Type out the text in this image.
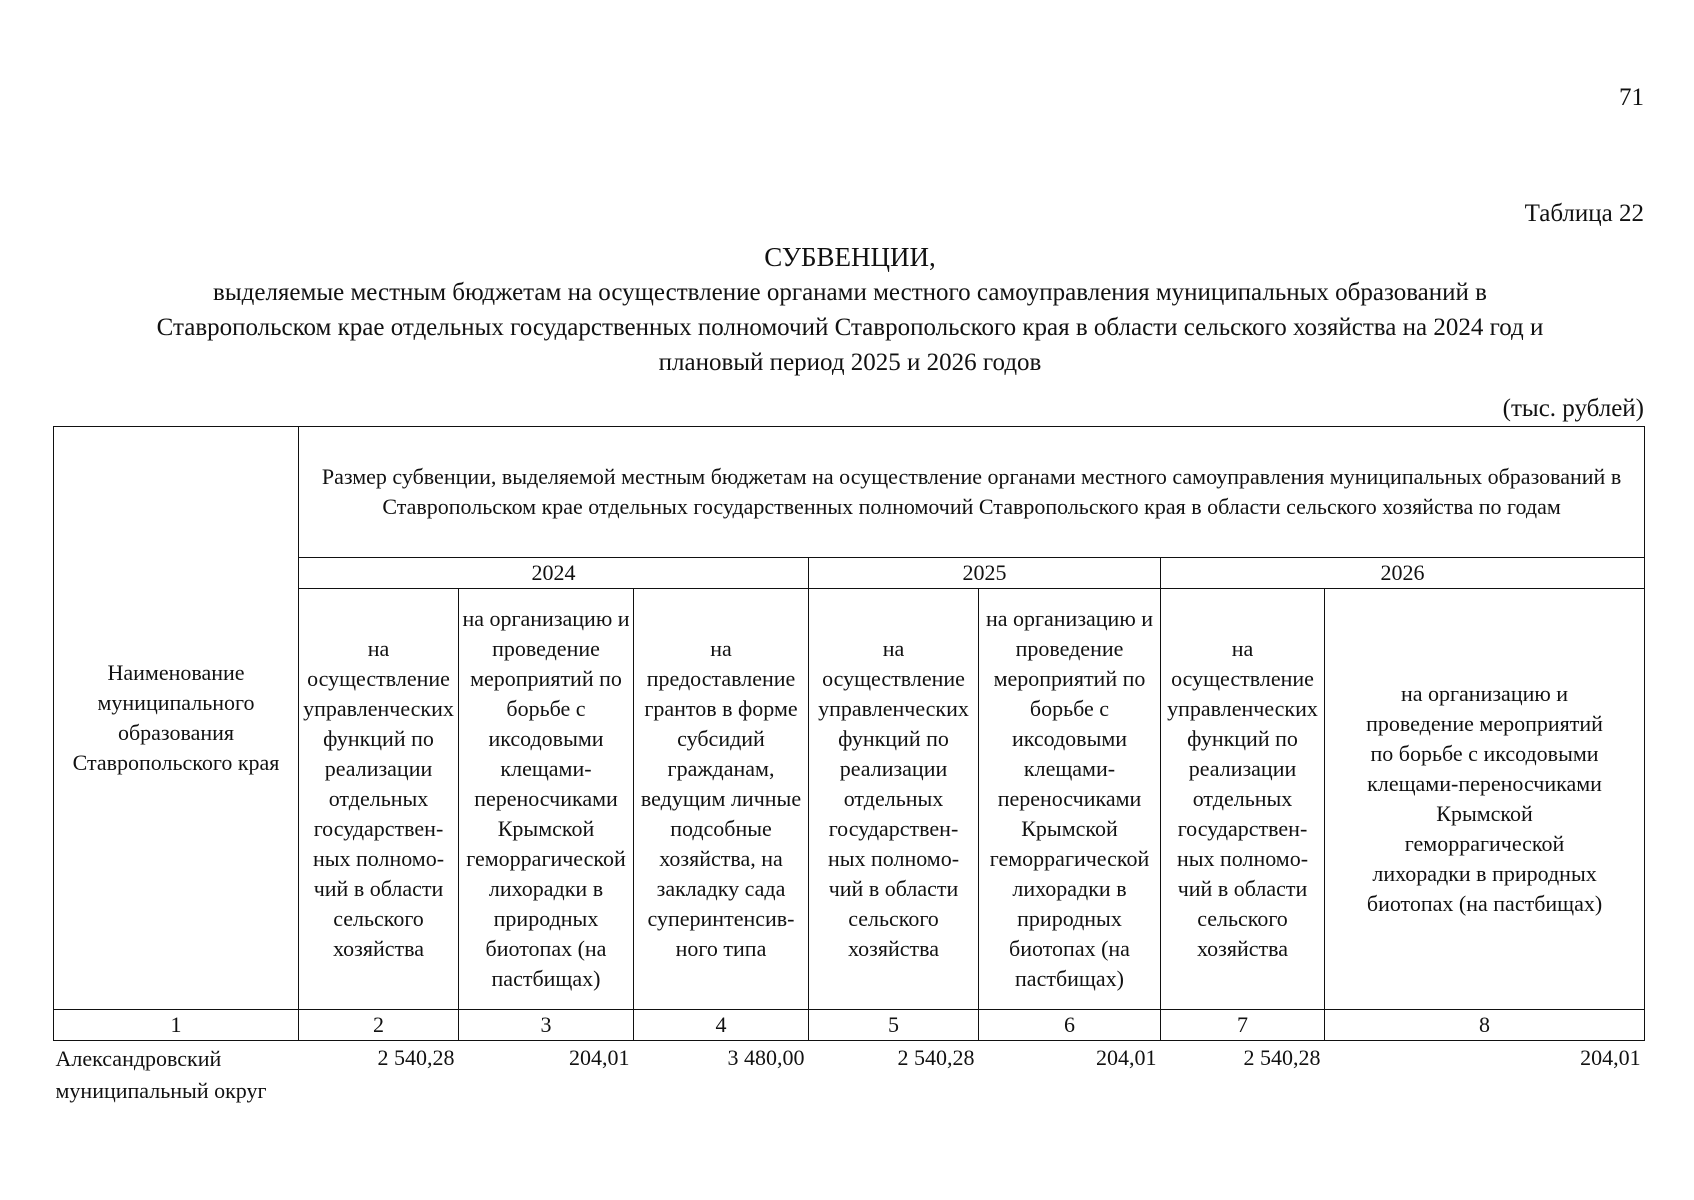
71
Таблица 22
СУБВЕНЦИИ,
выделяемые местным бюджетам на осуществление органами местного самоуправления муниципальных образований в
Ставропольском крае отдельных государственных полномочий Ставропольского края в области сельского хозяйства на 2024 год и
плановый период 2025 и 2026 годов
(тыс. рублей)
Наименование муниципального образования Ставропольского края	Размер субвенции, выделяемой местным бюджетам на осуществление органами местного самоуправления муниципальных образований в Ставропольском крае отдельных государственных полномочий Ставропольского края в области сельского хозяйства по годам						
	2024			2025		2026	
	на осуществление управленческих функций по реализации отдельных государствен-ных полномо-чий в области сельского хозяйства	на организацию и проведение мероприятий по борьбе с иксодовыми клещами-переносчиками Крымской геморрагической лихорадки в природных биотопах (на пастбищах)	на предоставление грантов в форме субсидий гражданам, ведущим личные подсобные хозяйства, на закладку сада суперинтенсив-ного типа	на осуществление управленческих функций по реализации отдельных государствен-ных полномо-чий в области сельского хозяйства	на организацию и проведение мероприятий по борьбе с иксодовыми клещами-переносчиками Крымской геморрагической лихорадки в природных биотопах (на пастбищах)	на осуществление управленческих функций по реализации отдельных государствен-ных полномо-чий в области сельского хозяйства	на организацию и проведение мероприятий по борьбе с иксодовыми клещами-переносчиками Крымской геморрагической лихорадки в природных биотопах (на пастбищах)
1	2	3	4	5	6	7	8
Александровский муниципальный округ	2 540,28	204,01	3 480,00	2 540,28	204,01	2 540,28	204,01
